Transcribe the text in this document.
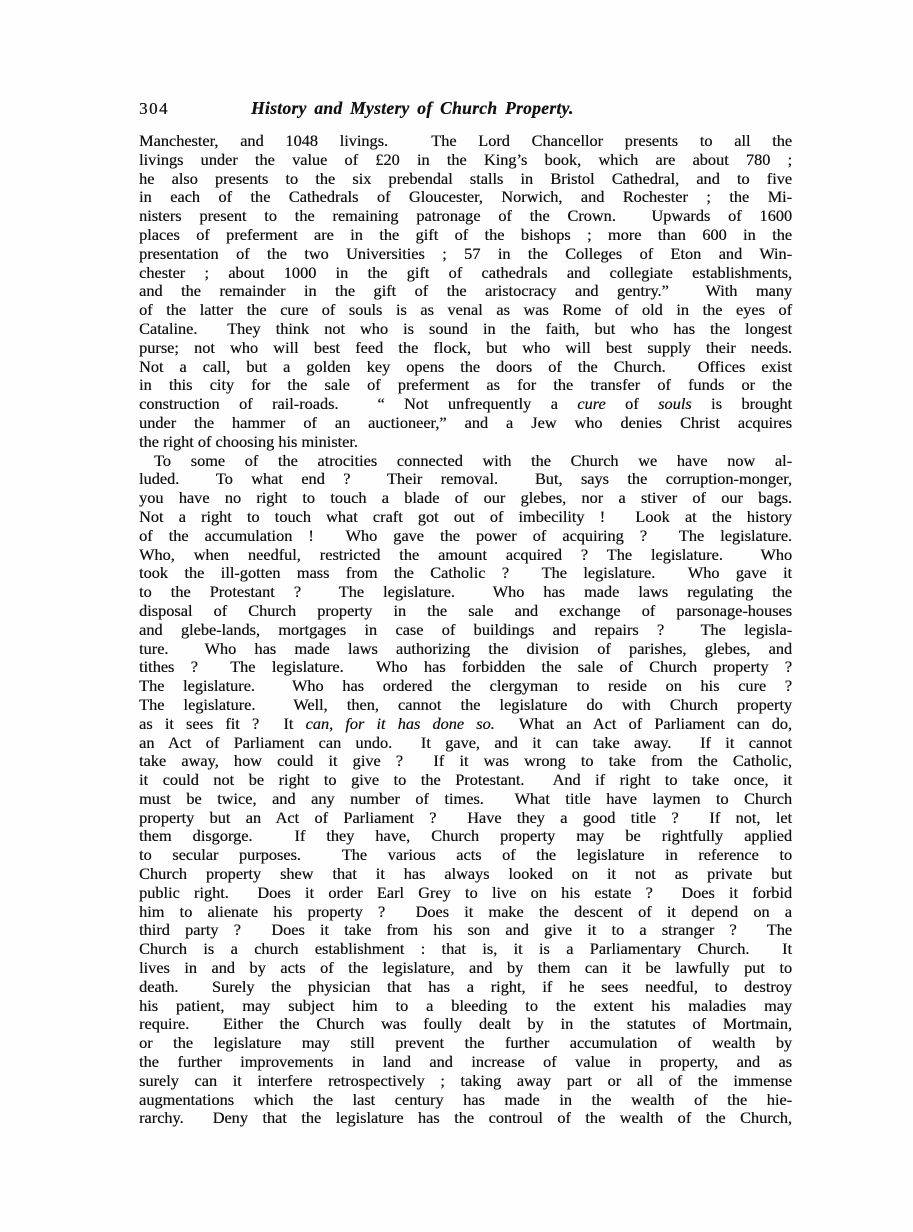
304	History and Mystery of Church Property.
Manchester, and 1048 livings.  The Lord Chancellor presents to all the
livings under the value of £20 in the King’s book, which are about 780 ;
he also presents to the six prebendal stalls in Bristol Cathedral, and to five
in each of the Cathedrals of Gloucester, Norwich, and Rochester ; the Mi-
nisters present to the remaining patronage of the Crown.  Upwards of 1600
places of preferment are in the gift of the bishops ; more than 600 in the
presentation of the two Universities ; 57 in the Colleges of Eton and Win-
chester ; about 1000 in the gift of cathedrals and collegiate establishments,
and the remainder in the gift of the aristocracy and gentry.”  With many
of the latter the cure of souls is as venal as was Rome of old in the eyes of
Cataline.  They think not who is sound in the faith, but who has the longest
purse; not who will best feed the flock, but who will best supply their needs.
Not a call, but a golden key opens the doors of the Church.  Offices exist
in this city for the sale of preferment as for the transfer of funds or the
construction of rail-roads.  “ Not unfrequently a cure of souls is brought
under the hammer of an auctioneer,” and a Jew who denies Christ acquires
the right of choosing his minister.
To some of the atrocities connected with the Church we have now al-
luded.  To what end ?  Their removal.  But, says the corruption-monger,
you have no right to touch a blade of our glebes, nor a stiver of our bags.
Not a right to touch what craft got out of imbecility !  Look at the history
of the accumulation !  Who gave the power of acquiring ?  The legislature.
Who, when needful, restricted the amount acquired ? The legislature.  Who
took the ill-gotten mass from the Catholic ?  The legislature.  Who gave it
to the Protestant ?  The legislature.  Who has made laws regulating the
disposal of Church property in the sale and exchange of parsonage-houses
and glebe-lands, mortgages in case of buildings and repairs ?  The legisla-
ture.  Who has made laws authorizing the division of parishes, glebes, and
tithes ?  The legislature.  Who has forbidden the sale of Church property ?
The legislature.  Who has ordered the clergyman to reside on his cure ?
The legislature.  Well, then, cannot the legislature do with Church property
as it sees fit ?  It can, for it has done so.  What an Act of Parliament can do,
an Act of Parliament can undo.  It gave, and it can take away.  If it cannot
take away, how could it give ?  If it was wrong to take from the Catholic,
it could not be right to give to the Protestant.  And if right to take once, it
must be twice, and any number of times.  What title have laymen to Church
property but an Act of Parliament ?  Have they a good title ?  If not, let
them disgorge.  If they have, Church property may be rightfully applied
to secular purposes.  The various acts of the legislature in reference to
Church property shew that it has always looked on it not as private but
public right.  Does it order Earl Grey to live on his estate ?  Does it forbid
him to alienate his property ?  Does it make the descent of it depend on a
third party ?  Does it take from his son and give it to a stranger ?  The
Church is a church establishment : that is, it is a Parliamentary Church.  It
lives in and by acts of the legislature, and by them can it be lawfully put to
death.  Surely the physician that has a right, if he sees needful, to destroy
his patient, may subject him to a bleeding to the extent his maladies may
require.  Either the Church was foully dealt by in the statutes of Mortmain,
or the legislature may still prevent the further accumulation of wealth by
the further improvements in land and increase of value in property, and as
surely can it interfere retrospectively ; taking away part or all of the immense
augmentations which the last century has made in the wealth of the hie-
rarchy.  Deny that the legislature has the controul of the wealth of the Church,
